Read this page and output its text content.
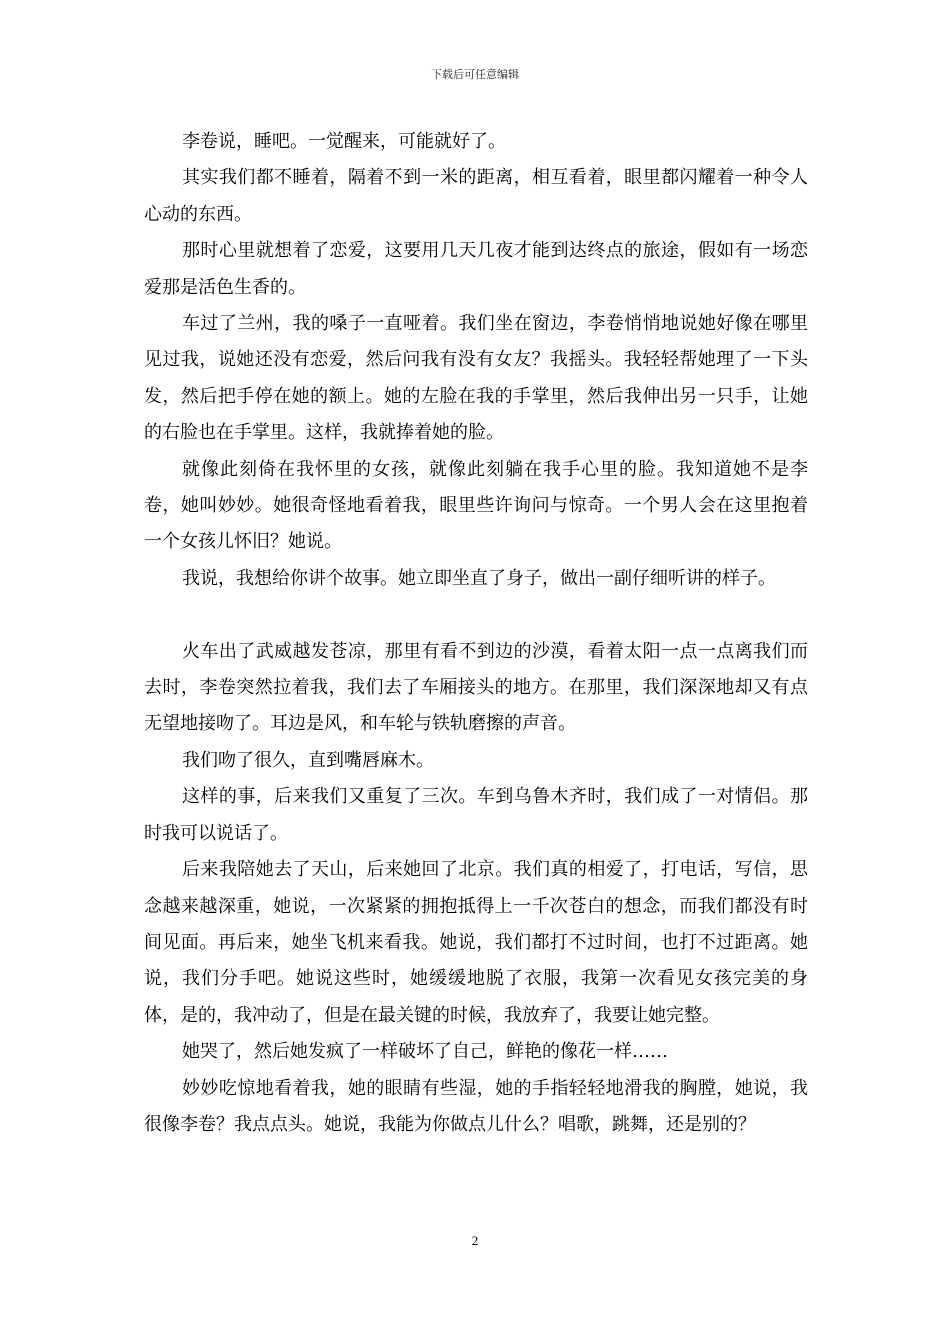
下载后可任意编辑

李卷说，睡吧。一觉醒来，可能就好了。

其实我们都不睡着，隔着不到一米的距离，相互看着，眼里都闪耀着一种令人心动的东西。

那时心里就想着了恋爱，这要用几天几夜才能到达终点的旅途，假如有一场恋爱那是活色生香的。

车过了兰州，我的嗓子一直哑着。我们坐在窗边，李卷悄悄地说她好像在哪里见过我，说她还没有恋爱，然后问我有没有女友？我摇头。我轻轻帮她理了一下头发，然后把手停在她的额上。她的左脸在我的手掌里，然后我伸出另一只手，让她的右脸也在手掌里。这样，我就捧着她的脸。

就像此刻倚在我怀里的女孩，就像此刻躺在我手心里的脸。我知道她不是李卷，她叫妙妙。她很奇怪地看着我，眼里些许询问与惊奇。一个男人会在这里抱着一个女孩儿怀旧？她说。

我说，我想给你讲个故事。她立即坐直了身子，做出一副仔细听讲的样子。

火车出了武威越发苍凉，那里有看不到边的沙漠，看着太阳一点一点离我们而去时，李卷突然拉着我，我们去了车厢接头的地方。在那里，我们深深地却又有点无望地接吻了。耳边是风，和车轮与铁轨磨擦的声音。

我们吻了很久，直到嘴唇麻木。

这样的事，后来我们又重复了三次。车到乌鲁木齐时，我们成了一对情侣。那时我可以说话了。

后来我陪她去了天山，后来她回了北京。我们真的相爱了，打电话，写信，思念越来越深重，她说，一次紧紧的拥抱抵得上一千次苍白的想念，而我们都没有时间见面。再后来，她坐飞机来看我。她说，我们都打不过时间，也打不过距离。她说，我们分手吧。她说这些时，她缓缓地脱了衣服，我第一次看见女孩完美的身体，是的，我冲动了，但是在最关键的时候，我放弃了，我要让她完整。

她哭了，然后她发疯了一样破坏了自己，鲜艳的像花一样……

妙妙吃惊地看着我，她的眼睛有些湿，她的手指轻轻地滑我的胸膛，她说，我很像李卷？我点点头。她说，我能为你做点儿什么？唱歌，跳舞，还是别的？

2
